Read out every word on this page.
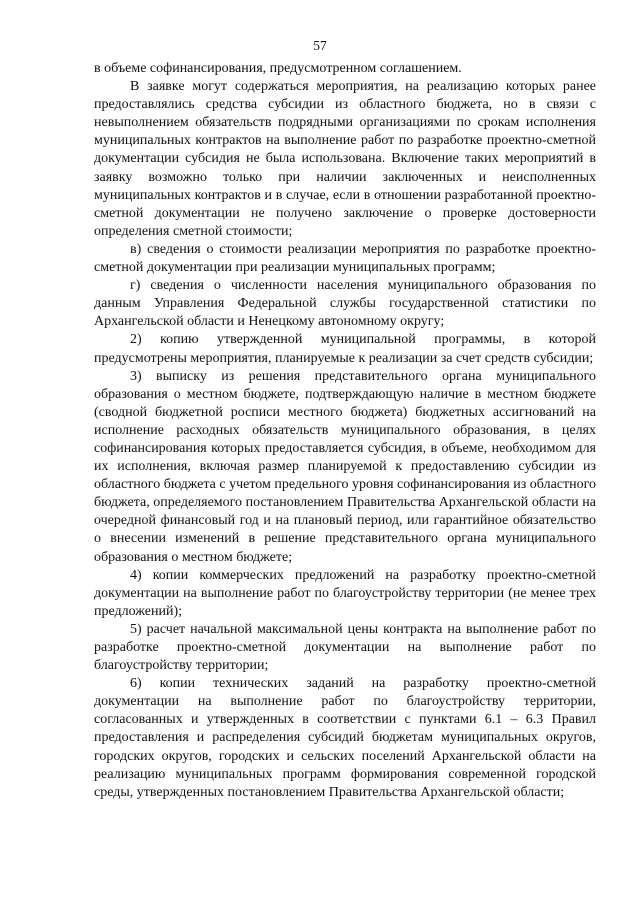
57

в объеме софинансирования, предусмотренном соглашением.

В заявке могут содержаться мероприятия, на реализацию которых ранее предоставлялись средства субсидии из областного бюджета, но в связи с невыполнением обязательств подрядными организациями по срокам исполнения муниципальных контрактов на выполнение работ по разработке проектно-сметной документации субсидия не была использована. Включение таких мероприятий в заявку возможно только при наличии заключенных и неисполненных муниципальных контрактов и в случае, если в отношении разработанной проектно-сметной документации не получено заключение о проверке достоверности определения сметной стоимости;

в) сведения о стоимости реализации мероприятия по разработке проектно-сметной документации при реализации муниципальных программ;

г) сведения о численности населения муниципального образования по данным Управления Федеральной службы государственной статистики по Архангельской области и Ненецкому автономному округу;

2) копию утвержденной муниципальной программы, в которой предусмотрены мероприятия, планируемые к реализации за счет средств субсидии;

3) выписку из решения представительного органа муниципального образования о местном бюджете, подтверждающую наличие в местном бюджете (сводной бюджетной росписи местного бюджета) бюджетных ассигнований на исполнение расходных обязательств муниципального образования, в целях софинансирования которых предоставляется субсидия, в объеме, необходимом для их исполнения, включая размер планируемой к предоставлению субсидии из областного бюджета с учетом предельного уровня софинансирования из областного бюджета, определяемого постановлением Правительства Архангельской области на очередной финансовый год и на плановый период, или гарантийное обязательство о внесении изменений в решение представительного органа муниципального образования о местном бюджете;

4) копии коммерческих предложений на разработку проектно-сметной документации на выполнение работ по благоустройству территории (не менее трех предложений);

5) расчет начальной максимальной цены контракта на выполнение работ по разработке проектно-сметной документации на выполнение работ по благоустройству территории;

6) копии технических заданий на разработку проектно-сметной документации на выполнение работ по благоустройству территории, согласованных и утвержденных в соответствии с пунктами 6.1 – 6.3 Правил предоставления и распределения субсидий бюджетам муниципальных округов, городских округов, городских и сельских поселений Архангельской области на реализацию муниципальных программ формирования современной городской среды, утвержденных постановлением Правительства Архангельской области;
